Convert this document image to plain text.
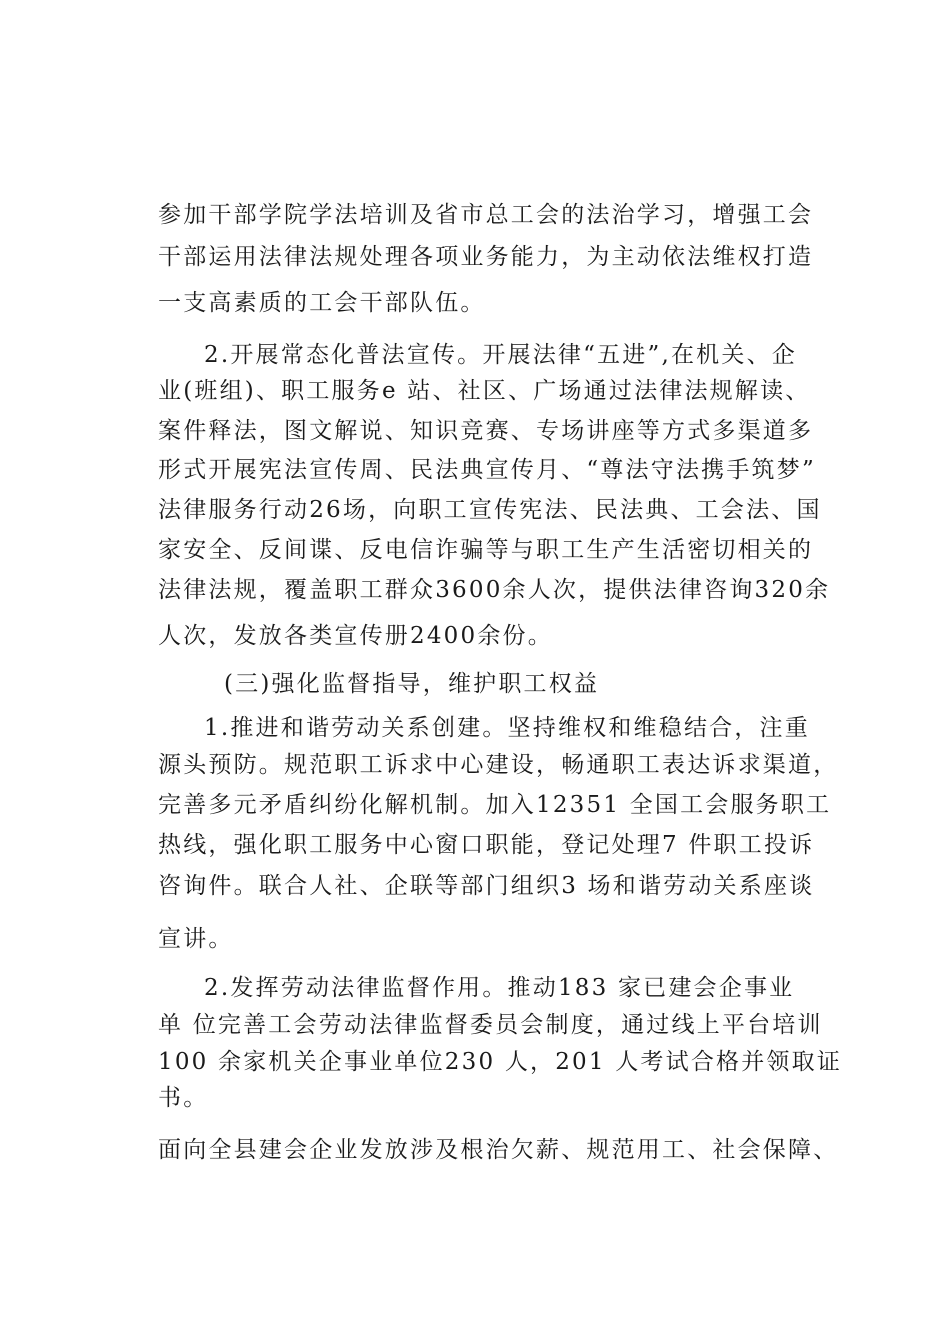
参加干部学院学法培训及省市总工会的法治学习，增强工会
干部运用法律法规处理各项业务能力，为主动依法维权打造
一支高素质的工会干部队伍。
2.开展常态化普法宣传。开展法律“五进”,在机关、企
业(班组)、职工服务e 站、社区、广场通过法律法规解读、
案件释法，图文解说、知识竞赛、专场讲座等方式多渠道多
形式开展宪法宣传周、民法典宣传月、“尊法守法携手筑梦”
法律服务行动26场，向职工宣传宪法、民法典、工会法、国
家安全、反间谍、反电信诈骗等与职工生产生活密切相关的
法律法规，覆盖职工群众3600余人次，提供法律咨询320余
人次，发放各类宣传册2400余份。
(三)强化监督指导，维护职工权益
1.推进和谐劳动关系创建。坚持维权和维稳结合，注重
源头预防。规范职工诉求中心建设，畅通职工表达诉求渠道，
完善多元矛盾纠纷化解机制。加入12351 全国工会服务职工
热线，强化职工服务中心窗口职能，登记处理7 件职工投诉
咨询件。联合人社、企联等部门组织3 场和谐劳动关系座谈
宣讲。
2.发挥劳动法律监督作用。推动183 家已建会企事业
单 位完善工会劳动法律监督委员会制度，通过线上平台培训
100 余家机关企事业单位230 人，201 人考试合格并领取证
书。
面向全县建会企业发放涉及根治欠薪、规范用工、社会保障、
